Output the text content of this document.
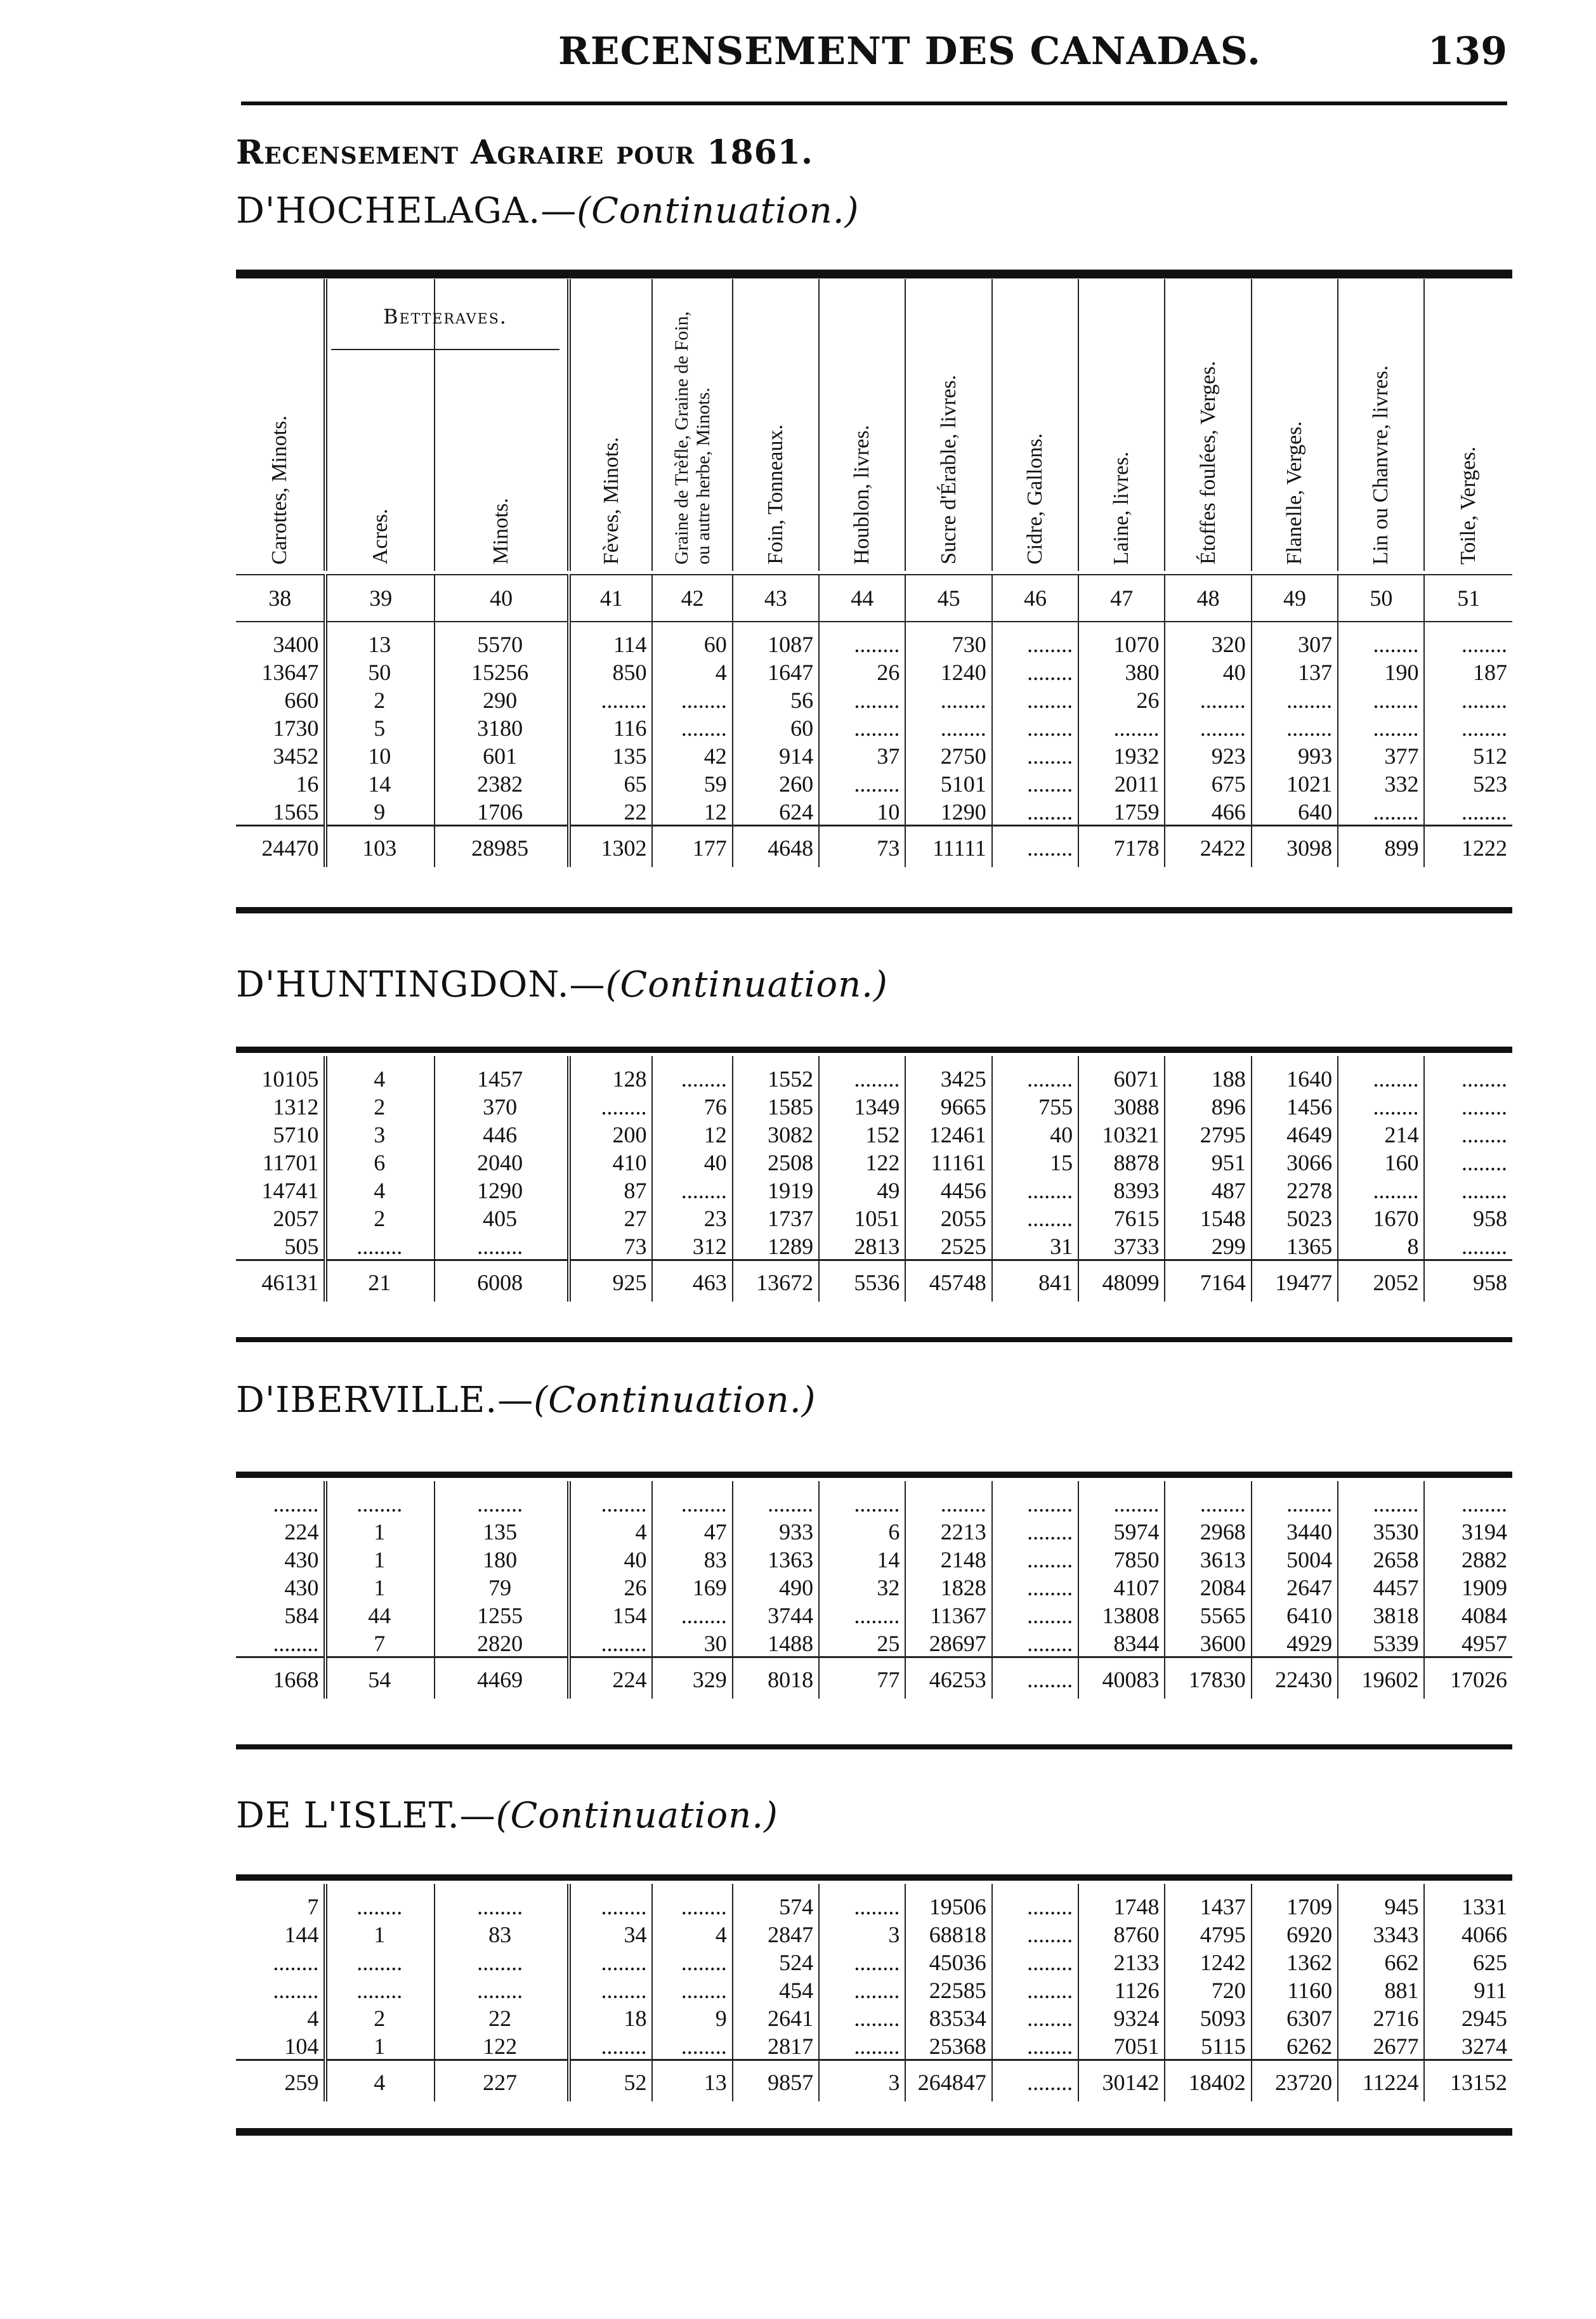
RECENSEMENT DES CANADAS.	139
Recensement Agraire pour 1861.
D'HOCHELAGA.—(Continuation.)
Carottes, Minots.	Acres.	Minots.	Fèves, Minots.	Graine de Trèfle, Graine de Foin, ou autre herbe, Minots.	Foin, Tonneaux.	Houblon, livres.	Sucre d'Érable, livres.	Cidre, Gallons.	Laine, livres.	Étoffes foulées, Verges.	Flanelle, Verges.	Lin ou Chanvre, livres.	Toile, Verges.
Betteraves.
38	39	40	41	42	43	44	45	46	47	48	49	50	51
3400	13	5570	114	60	1087	........	730	........	1070	320	307	........	........
13647	50	15256	850	4	1647	26	1240	........	380	40	137	190	187
660	2	290	........	........	56	........	........	........	26	........	........	........	........
1730	5	3180	116	........	60	........	........	........	........	........	........	........	........
3452	10	601	135	42	914	37	2750	........	1932	923	993	377	512
16	14	2382	65	59	260	........	5101	........	2011	675	1021	332	523
1565	9	1706	22	12	624	10	1290	........	1759	466	640	........	........
24470	103	28985	1302	177	4648	73	11111	........	7178	2422	3098	899	1222
D'HUNTINGDON.—(Continuation.)
10105	4	1457	128	........	1552	........	3425	........	6071	188	1640	........	........
1312	2	370	........	76	1585	1349	9665	755	3088	896	1456	........	........
5710	3	446	200	12	3082	152	12461	40	10321	2795	4649	214	........
11701	6	2040	410	40	2508	122	11161	15	8878	951	3066	160	........
14741	4	1290	87	........	1919	49	4456	........	8393	487	2278	........	........
2057	2	405	27	23	1737	1051	2055	........	7615	1548	5023	1670	958
505	........	........	73	312	1289	2813	2525	31	3733	299	1365	8	........
46131	21	6008	925	463	13672	5536	45748	841	48099	7164	19477	2052	958
D'IBERVILLE.—(Continuation.)
........	........	........	........	........	........	........	........	........	........	........	........	........	........
224	1	135	4	47	933	6	2213	........	5974	2968	3440	3530	3194
430	1	180	40	83	1363	14	2148	........	7850	3613	5004	2658	2882
430	1	79	26	169	490	32	1828	........	4107	2084	2647	4457	1909
584	44	1255	154	........	3744	........	11367	........	13808	5565	6410	3818	4084
........	7	2820	........	30	1488	25	28697	........	8344	3600	4929	5339	4957
1668	54	4469	224	329	8018	77	46253	........	40083	17830	22430	19602	17026
DE L'ISLET.—(Continuation.)
7	........	........	........	........	574	........	19506	........	1748	1437	1709	945	1331
144	1	83	34	4	2847	3	68818	........	8760	4795	6920	3343	4066
........	........	........	........	........	524	........	45036	........	2133	1242	1362	662	625
........	........	........	........	........	454	........	22585	........	1126	720	1160	881	911
4	2	22	18	9	2641	........	83534	........	9324	5093	6307	2716	2945
104	1	122	........	........	2817	........	25368	........	7051	5115	6262	2677	3274
259	4	227	52	13	9857	3	264847	........	30142	18402	23720	11224	13152
